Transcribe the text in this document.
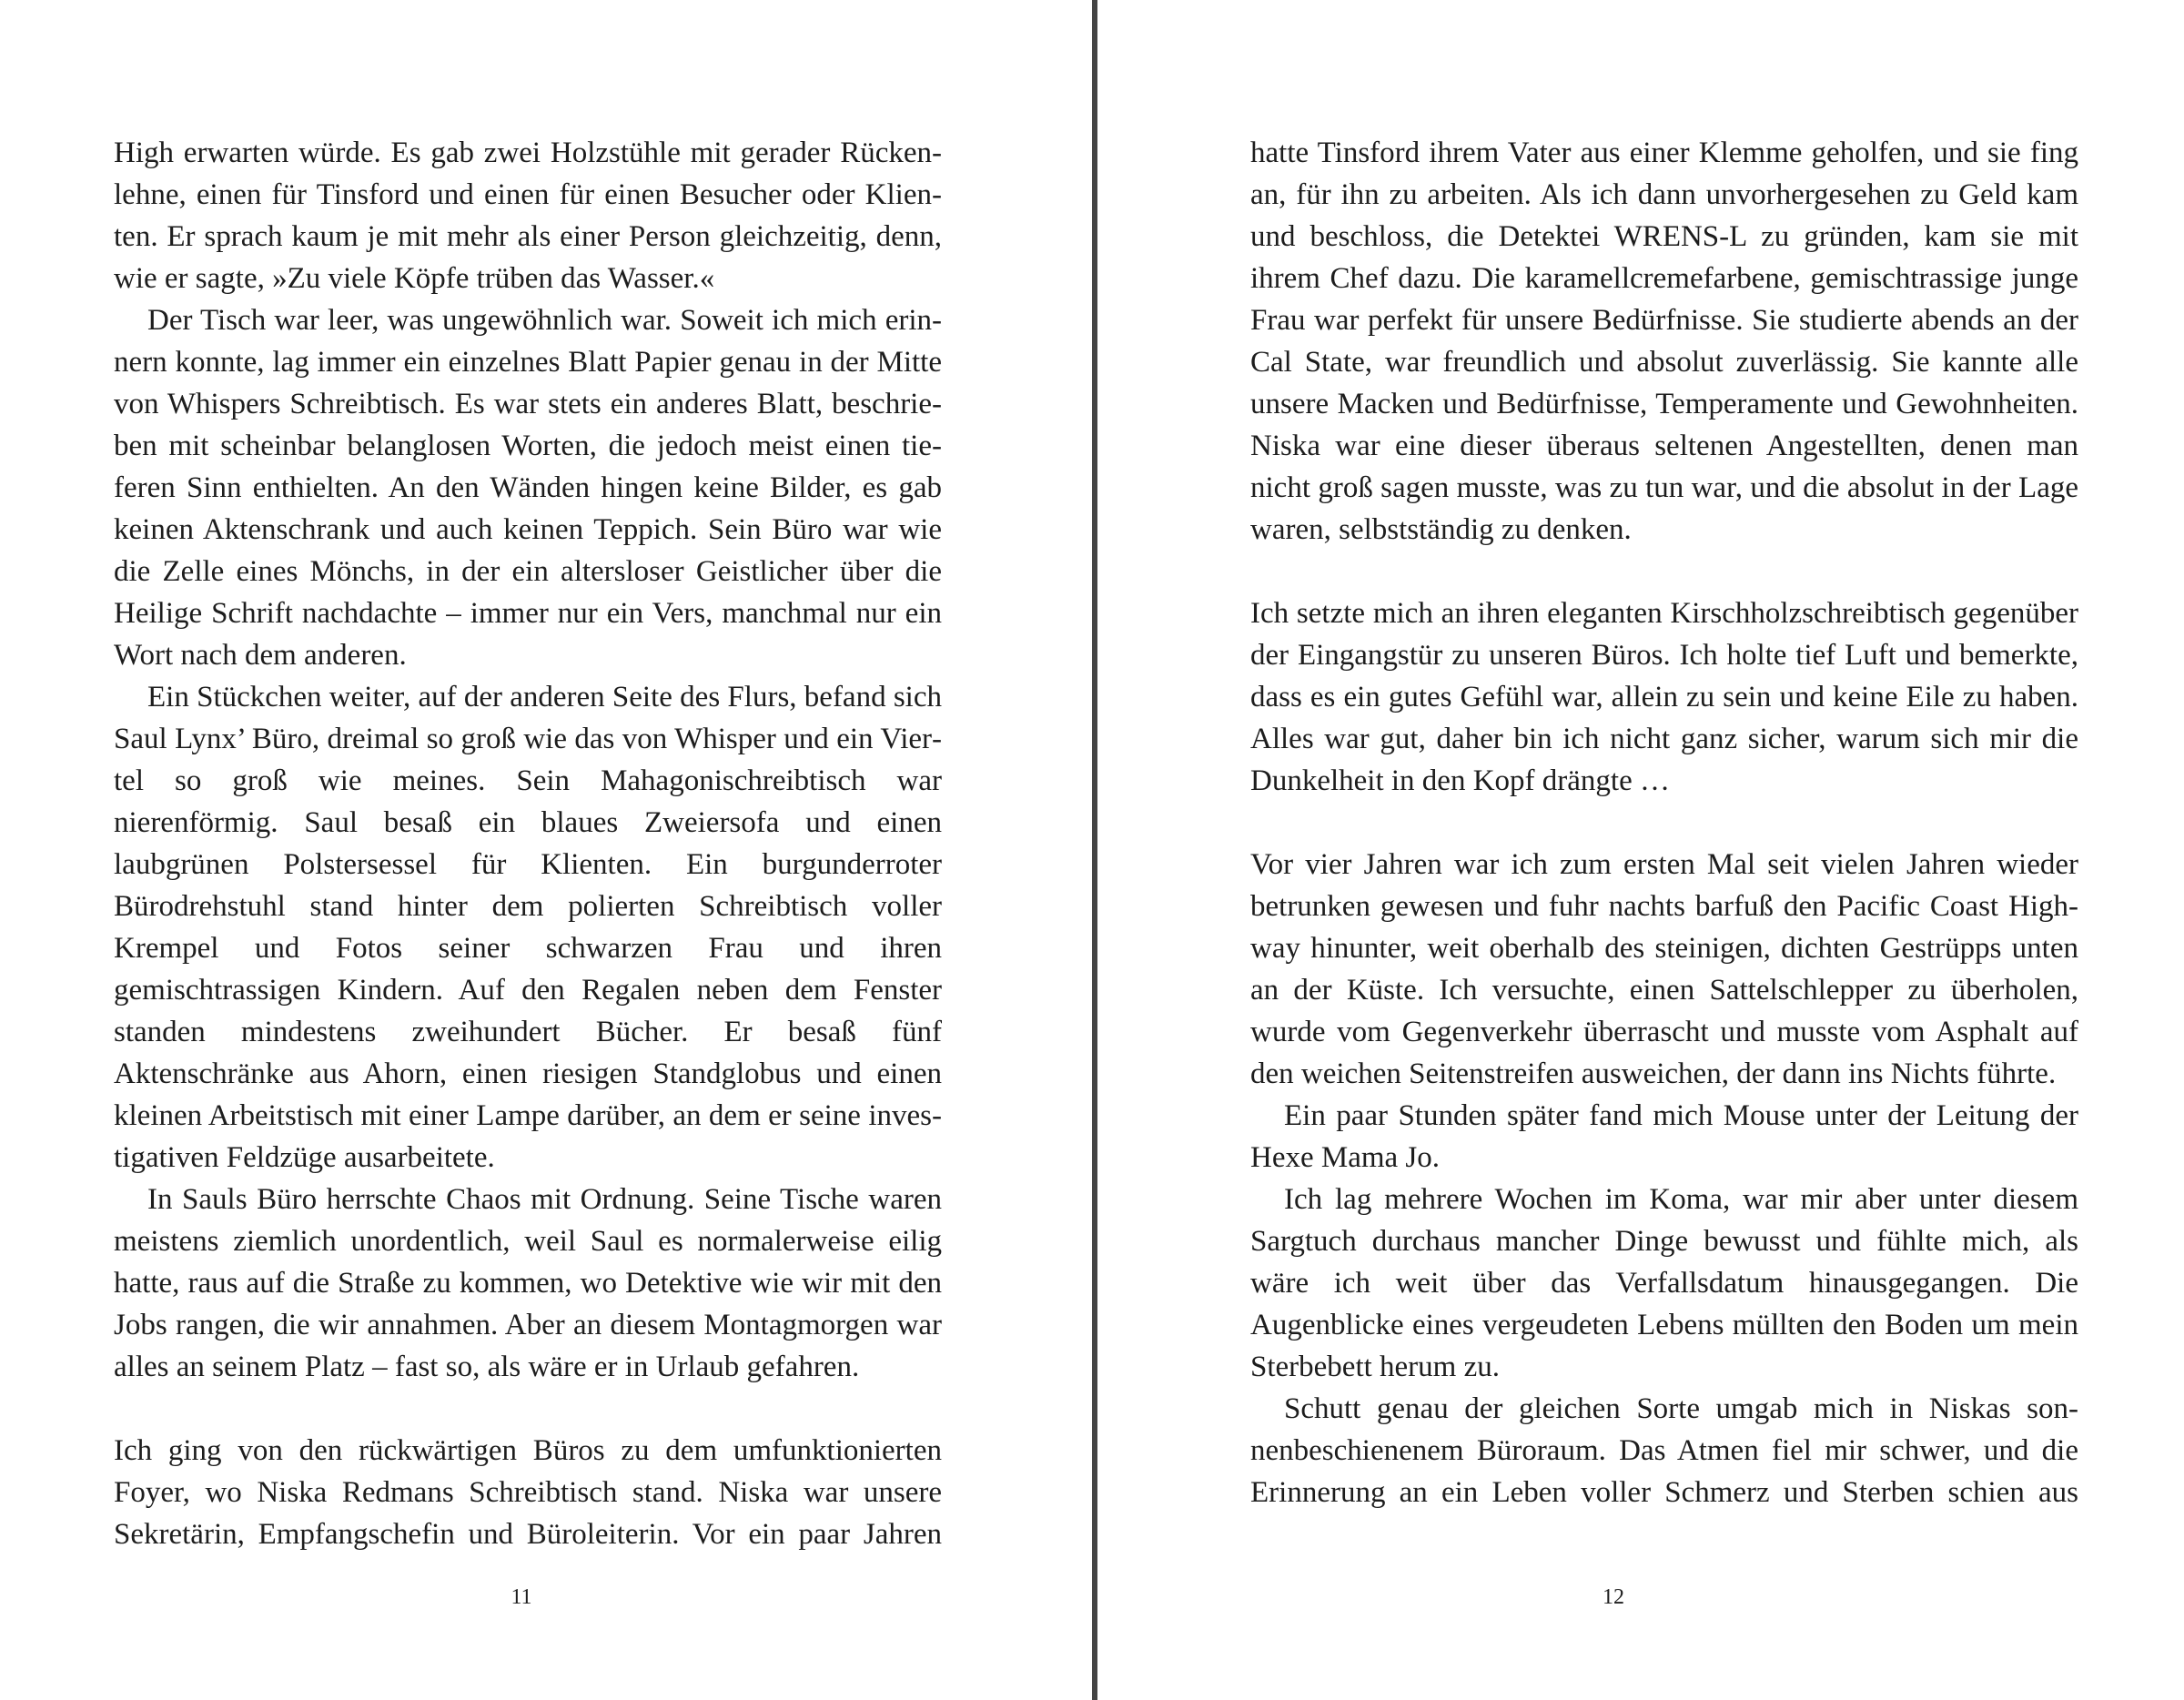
High erwarten würde. Es gab zwei Holzstühle mit gerader Rückenlehne, einen für Tinsford und einen für einen Besucher oder Klienten. Er sprach kaum je mit mehr als einer Person gleichzeitig, denn, wie er sagte, »Zu viele Köpfe trüben das Wasser.«

Der Tisch war leer, was ungewöhnlich war. Soweit ich mich erinnern konnte, lag immer ein einzelnes Blatt Papier genau in der Mitte von Whispers Schreibtisch. Es war stets ein anderes Blatt, beschrieben mit scheinbar belanglosen Worten, die jedoch meist einen tieferen Sinn enthielten. An den Wänden hingen keine Bilder, es gab keinen Aktenschrank und auch keinen Teppich. Sein Büro war wie die Zelle eines Mönchs, in der ein altersloser Geistlicher über die Heilige Schrift nachdachte – immer nur ein Vers, manchmal nur ein Wort nach dem anderen.

Ein Stückchen weiter, auf der anderen Seite des Flurs, befand sich Saul Lynx’ Büro, dreimal so groß wie das von Whisper und ein Viertel so groß wie meines. Sein Mahagonischreibtisch war nierenförmig. Saul besaß ein blaues Zweiersofa und einen laubgrünen Polstersessel für Klienten. Ein burgunderroter Bürodrehstuhl stand hinter dem polierten Schreibtisch voller Krempel und Fotos seiner schwarzen Frau und ihren gemischtrassigen Kindern. Auf den Regalen neben dem Fenster standen mindestens zweihundert Bücher. Er besaß fünf Aktenschränke aus Ahorn, einen riesigen Standglobus und einen kleinen Arbeitstisch mit einer Lampe darüber, an dem er seine investigativen Feldzüge ausarbeitete.

In Sauls Büro herrschte Chaos mit Ordnung. Seine Tische waren meistens ziemlich unordentlich, weil Saul es normalerweise eilig hatte, raus auf die Straße zu kommen, wo Detektive wie wir mit den Jobs rangen, die wir annahmen. Aber an diesem Montagmorgen war alles an seinem Platz – fast so, als wäre er in Urlaub gefahren.

Ich ging von den rückwärtigen Büros zu dem umfunktionierten Foyer, wo Niska Redmans Schreibtisch stand. Niska war unsere Sekretärin, Empfangschefin und Büroleiterin. Vor ein paar Jahren

11

hatte Tinsford ihrem Vater aus einer Klemme geholfen, und sie fing an, für ihn zu arbeiten. Als ich dann unvorhergesehen zu Geld kam und beschloss, die Detektei WRENS-L zu gründen, kam sie mit ihrem Chef dazu. Die karamellcremefarbene, gemischtrassige junge Frau war perfekt für unsere Bedürfnisse. Sie studierte abends an der Cal State, war freundlich und absolut zuverlässig. Sie kannte alle unsere Macken und Bedürfnisse, Temperamente und Gewohnheiten. Niska war eine dieser überaus seltenen Angestellten, denen man nicht groß sagen musste, was zu tun war, und die absolut in der Lage waren, selbstständig zu denken.

Ich setzte mich an ihren eleganten Kirschholzschreibtisch gegenüber der Eingangstür zu unseren Büros. Ich holte tief Luft und bemerkte, dass es ein gutes Gefühl war, allein zu sein und keine Eile zu haben. Alles war gut, daher bin ich nicht ganz sicher, warum sich mir die Dunkelheit in den Kopf drängte …

Vor vier Jahren war ich zum ersten Mal seit vielen Jahren wieder betrunken gewesen und fuhr nachts barfuß den Pacific Coast Highway hinunter, weit oberhalb des steinigen, dichten Gestrüpps unten an der Küste. Ich versuchte, einen Sattelschlepper zu überholen, wurde vom Gegenverkehr überrascht und musste vom Asphalt auf den weichen Seitenstreifen ausweichen, der dann ins Nichts führte.

Ein paar Stunden später fand mich Mouse unter der Leitung der Hexe Mama Jo.

Ich lag mehrere Wochen im Koma, war mir aber unter diesem Sargtuch durchaus mancher Dinge bewusst und fühlte mich, als wäre ich weit über das Verfallsdatum hinausgegangen. Die Augenblicke eines vergeudeten Lebens müllten den Boden um mein Sterbebett herum zu.

Schutt genau der gleichen Sorte umgab mich in Niskas sonnenbeschienenem Büroraum. Das Atmen fiel mir schwer, und die Erinnerung an ein Leben voller Schmerz und Sterben schien aus

12
